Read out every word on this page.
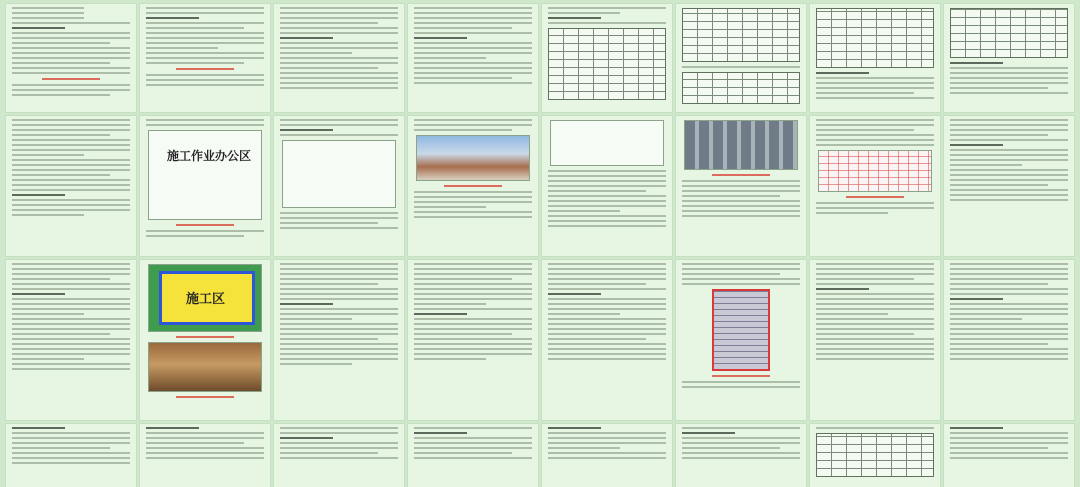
施工作业办公区
施工区
